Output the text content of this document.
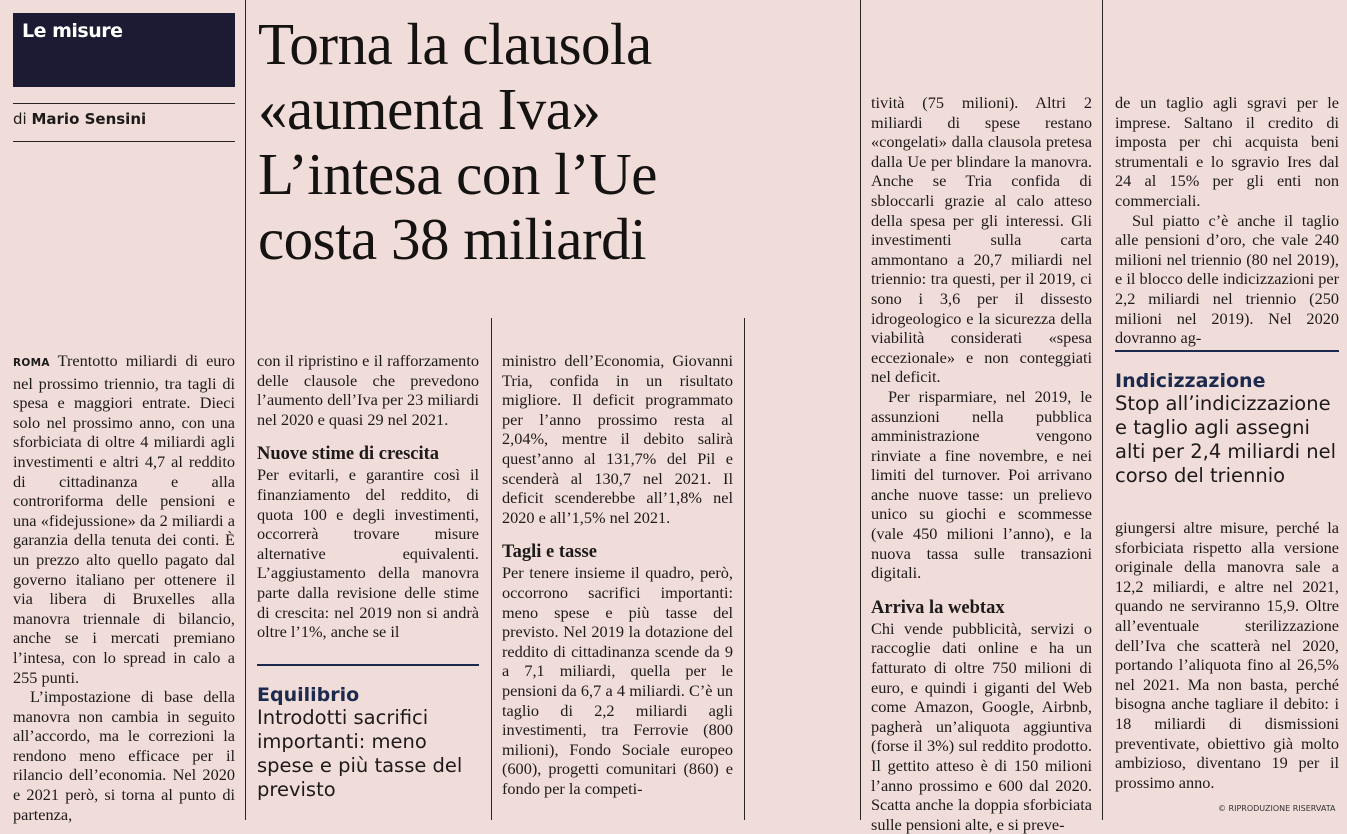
Le misure
di Mario Sensini
Torna la clausola
«aumenta Iva»
L’intesa con l’Ue
costa 38 miliardi

ROMA Trentotto miliardi di euro nel prossimo triennio, tra tagli di spesa e maggiori entrate. Dieci solo nel prossimo anno, con una sforbiciata di oltre 4 miliardi agli investimenti e altri 4,7 al reddito di cittadinanza e alla controriforma delle pensioni e una «fidejussione» da 2 miliardi a garanzia della tenuta dei conti. È un prezzo alto quello pagato dal governo italiano per ottenere il via libera di Bruxelles alla manovra triennale di bilancio, anche se i mercati premiano l’intesa, con lo spread in calo a 255 punti.

L’impostazione di base della manovra non cambia in seguito all’accordo, ma le correzioni la rendono meno efficace per il rilancio dell’economia. Nel 2020 e 2021 però, si torna al punto di partenza,

con il ripristino e il rafforzamento delle clausole che prevedono l’aumento dell’Iva per 23 miliardi nel 2020 e quasi 29 nel 2021.

Nuove stime di crescita

Per evitarli, e garantire così il finanziamento del reddito, di quota 100 e degli investimenti, occorrerà trovare misure alternative equivalenti. L’aggiustamento della manovra parte dalla revisione delle stime di crescita: nel 2019 non si andrà oltre l’1%, anche se il

Equilibrio
Introdotti sacrifici importanti: meno spese e più tasse del previsto

ministro dell’Economia, Giovanni Tria, confida in un risultato migliore. Il deficit programmato per l’anno prossimo resta al 2,04%, mentre il debito salirà quest’anno al 131,7% del Pil e scenderà al 130,7 nel 2021. Il deficit scenderebbe all’1,8% nel 2020 e all’1,5% nel 2021.

Tagli e tasse

Per tenere insieme il quadro, però, occorrono sacrifici importanti: meno spese e più tasse del previsto. Nel 2019 la dotazione del reddito di cittadinanza scende da 9 a 7,1 miliardi, quella per le pensioni da 6,7 a 4 miliardi. C’è un taglio di 2,2 miliardi agli investimenti, tra Ferrovie (800 milioni), Fondo Sociale europeo (600), progetti comunitari (860) e fondo per la competi-

tività (75 milioni). Altri 2 miliardi di spese restano «congelati» dalla clausola pretesa dalla Ue per blindare la manovra. Anche se Tria confida di sbloccarli grazie al calo atteso della spesa per gli interessi. Gli investimenti sulla carta ammontano a 20,7 miliardi nel triennio: tra questi, per il 2019, ci sono i 3,6 per il dissesto idrogeologico e la sicurezza della viabilità considerati «spesa eccezionale» e non conteggiati nel deficit.

Per risparmiare, nel 2019, le assunzioni nella pubblica amministrazione vengono rinviate a fine novembre, e nei limiti del turnover. Poi arrivano anche nuove tasse: un prelievo unico su giochi e scommesse (vale 450 milioni l’anno), e la nuova tassa sulle transazioni digitali.

Arriva la webtax

Chi vende pubblicità, servizi o raccoglie dati online e ha un fatturato di oltre 750 milioni di euro, e quindi i giganti del Web come Amazon, Google, Airbnb, pagherà un’aliquota aggiuntiva (forse il 3%) sul reddito prodotto. Il gettito atteso è di 150 milioni l’anno prossimo e 600 dal 2020. Scatta anche la doppia sforbiciata sulle pensioni alte, e si preve-

de un taglio agli sgravi per le imprese. Saltano il credito di imposta per chi acquista beni strumentali e lo sgravio Ires dal 24 al 15% per gli enti non commerciali.

Sul piatto c’è anche il taglio alle pensioni d’oro, che vale 240 milioni nel triennio (80 nel 2019), e il blocco delle indicizzazioni per 2,2 miliardi nel triennio (250 milioni nel 2019). Nel 2020 dovranno ag-

Indicizzazione
Stop all’indicizzazione e taglio agli assegni alti per 2,4 miliardi nel corso del triennio

giungersi altre misure, perché la sforbiciata rispetto alla versione originale della manovra sale a 12,2 miliardi, e altre nel 2021, quando ne serviranno 15,9. Oltre all’eventuale sterilizzazione dell’Iva che scatterà nel 2020, portando l’aliquota fino al 26,5% nel 2021. Ma non basta, perché bisogna anche tagliare il debito: i 18 miliardi di dismissioni preventivate, obiettivo già molto ambizioso, diventano 19 per il prossimo anno.

© RIPRODUZIONE RISERVATA
